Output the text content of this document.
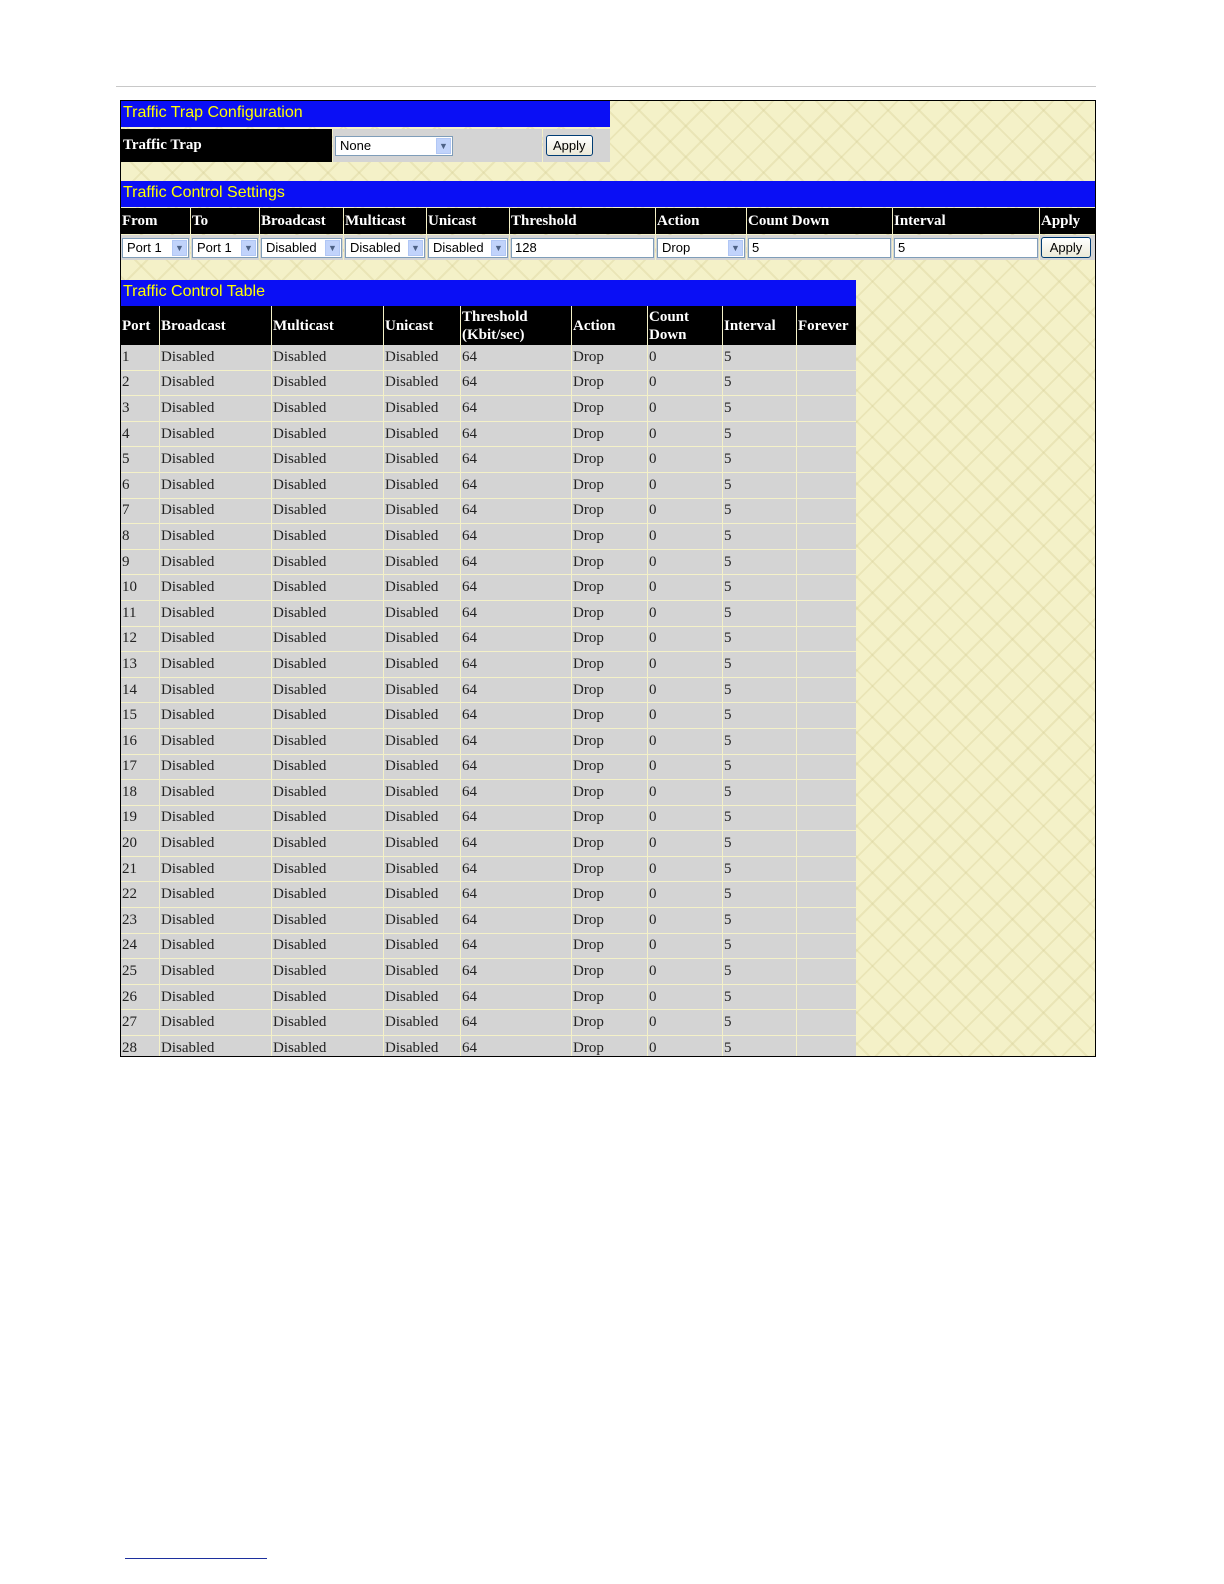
Traffic Trap Configuration
Traffic Trap	None	▼	Apply
Traffic Control Settings
From	To	Broadcast	Multicast	Unicast	Threshold	Action	Count Down	Interval	Apply
Port 1	▼	Port 1	▼	Disabled	▼	Disabled	▼	Disabled	▼ 128	Drop	▼ 5	5	Apply
Traffic Control Table
Port	Broadcast	Multicast	Unicast	Threshold (Kbit/sec)	Action	Count Down	Interval	Forever
1	Disabled	Disabled	Disabled	64	Drop	0	5	
2	Disabled	Disabled	Disabled	64	Drop	0	5	
3	Disabled	Disabled	Disabled	64	Drop	0	5	
4	Disabled	Disabled	Disabled	64	Drop	0	5	
5	Disabled	Disabled	Disabled	64	Drop	0	5	
6	Disabled	Disabled	Disabled	64	Drop	0	5	
7	Disabled	Disabled	Disabled	64	Drop	0	5	
8	Disabled	Disabled	Disabled	64	Drop	0	5	
9	Disabled	Disabled	Disabled	64	Drop	0	5	
10	Disabled	Disabled	Disabled	64	Drop	0	5	
11	Disabled	Disabled	Disabled	64	Drop	0	5	
12	Disabled	Disabled	Disabled	64	Drop	0	5	
13	Disabled	Disabled	Disabled	64	Drop	0	5	
14	Disabled	Disabled	Disabled	64	Drop	0	5	
15	Disabled	Disabled	Disabled	64	Drop	0	5	
16	Disabled	Disabled	Disabled	64	Drop	0	5	
17	Disabled	Disabled	Disabled	64	Drop	0	5	
18	Disabled	Disabled	Disabled	64	Drop	0	5	
19	Disabled	Disabled	Disabled	64	Drop	0	5	
20	Disabled	Disabled	Disabled	64	Drop	0	5	
21	Disabled	Disabled	Disabled	64	Drop	0	5	
22	Disabled	Disabled	Disabled	64	Drop	0	5	
23	Disabled	Disabled	Disabled	64	Drop	0	5	
24	Disabled	Disabled	Disabled	64	Drop	0	5	
25	Disabled	Disabled	Disabled	64	Drop	0	5	
26	Disabled	Disabled	Disabled	64	Drop	0	5	
27	Disabled	Disabled	Disabled	64	Drop	0	5	
28	Disabled	Disabled	Disabled	64	Drop	0	5	
